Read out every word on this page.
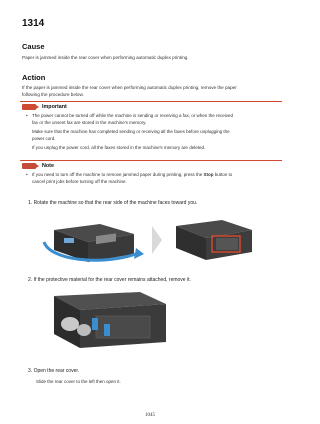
1314
Cause
Paper is jammed inside the rear cover when performing automatic duplex printing.
Action
If the paper is jammed inside the rear cover when performing automatic duplex printing, remove the paper
following the procedure below.
Important
• The power cannot be turned off while the machine is sending or receiving a fax, or when the received
fax or the unsent fax are stored in the machine's memory.
Make sure that the machine has completed sending or receiving all the faxes before unplugging the
power cord.
If you unplug the power cord, all the faxes stored in the machine's memory are deleted.
Note
• If you need to turn off the machine to remove jammed paper during printing, press the Stop button to
cancel print jobs before turning off the machine.
1. Rotate the machine so that the rear side of the machine faces toward you.
2. If the protective material for the rear cover remains attached, remove it.
3. Open the rear cover.
Slide the rear cover to the left then open it.
1045
